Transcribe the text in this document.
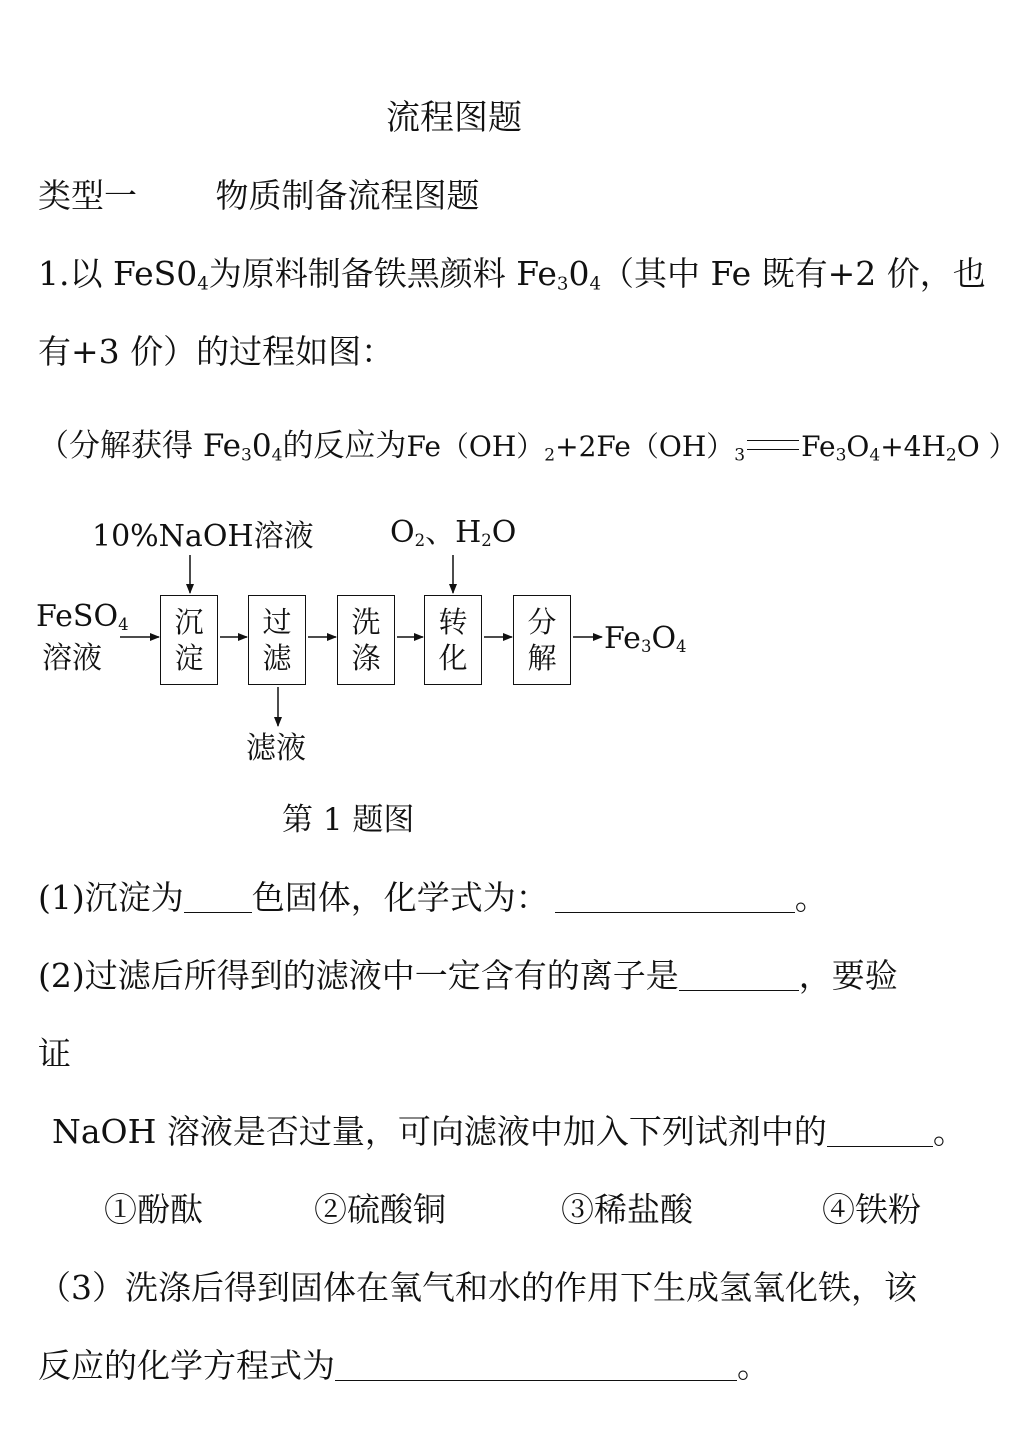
流程图题
类型一 物质制备流程图题
1.以 $FeS0_4$为原料制备铁黑颜料 $Fe_30_4$（其中 Fe 既有+2 价，也
有+3 价）的过程如图：
（分解获得 $Fe_30_4$的反应为$Fe(OH)_2+2Fe(OH)_3$ $Fe_3O_4+4H_2O$ ）
10%NaOH溶液	$O_2$、$H_2O$
FeSO$_4$
溶液
沉
淀
过
滤
洗
涤
转
化
分
解
$Fe_3O_4$
滤液
第 1 题图
(1)沉淀为 色固体，化学式为：	。
(2)过滤后所得到的滤液中一定含有的离子是	，要验
证
NaOH 溶液是否过量，可向滤液中加入下列试剂中的	。
①酚酞	②硫酸铜	③稀盐酸	④铁粉
（3）洗涤后得到固体在氧气和水的作用下生成氢氧化铁，该
反应的化学方程式为	。
